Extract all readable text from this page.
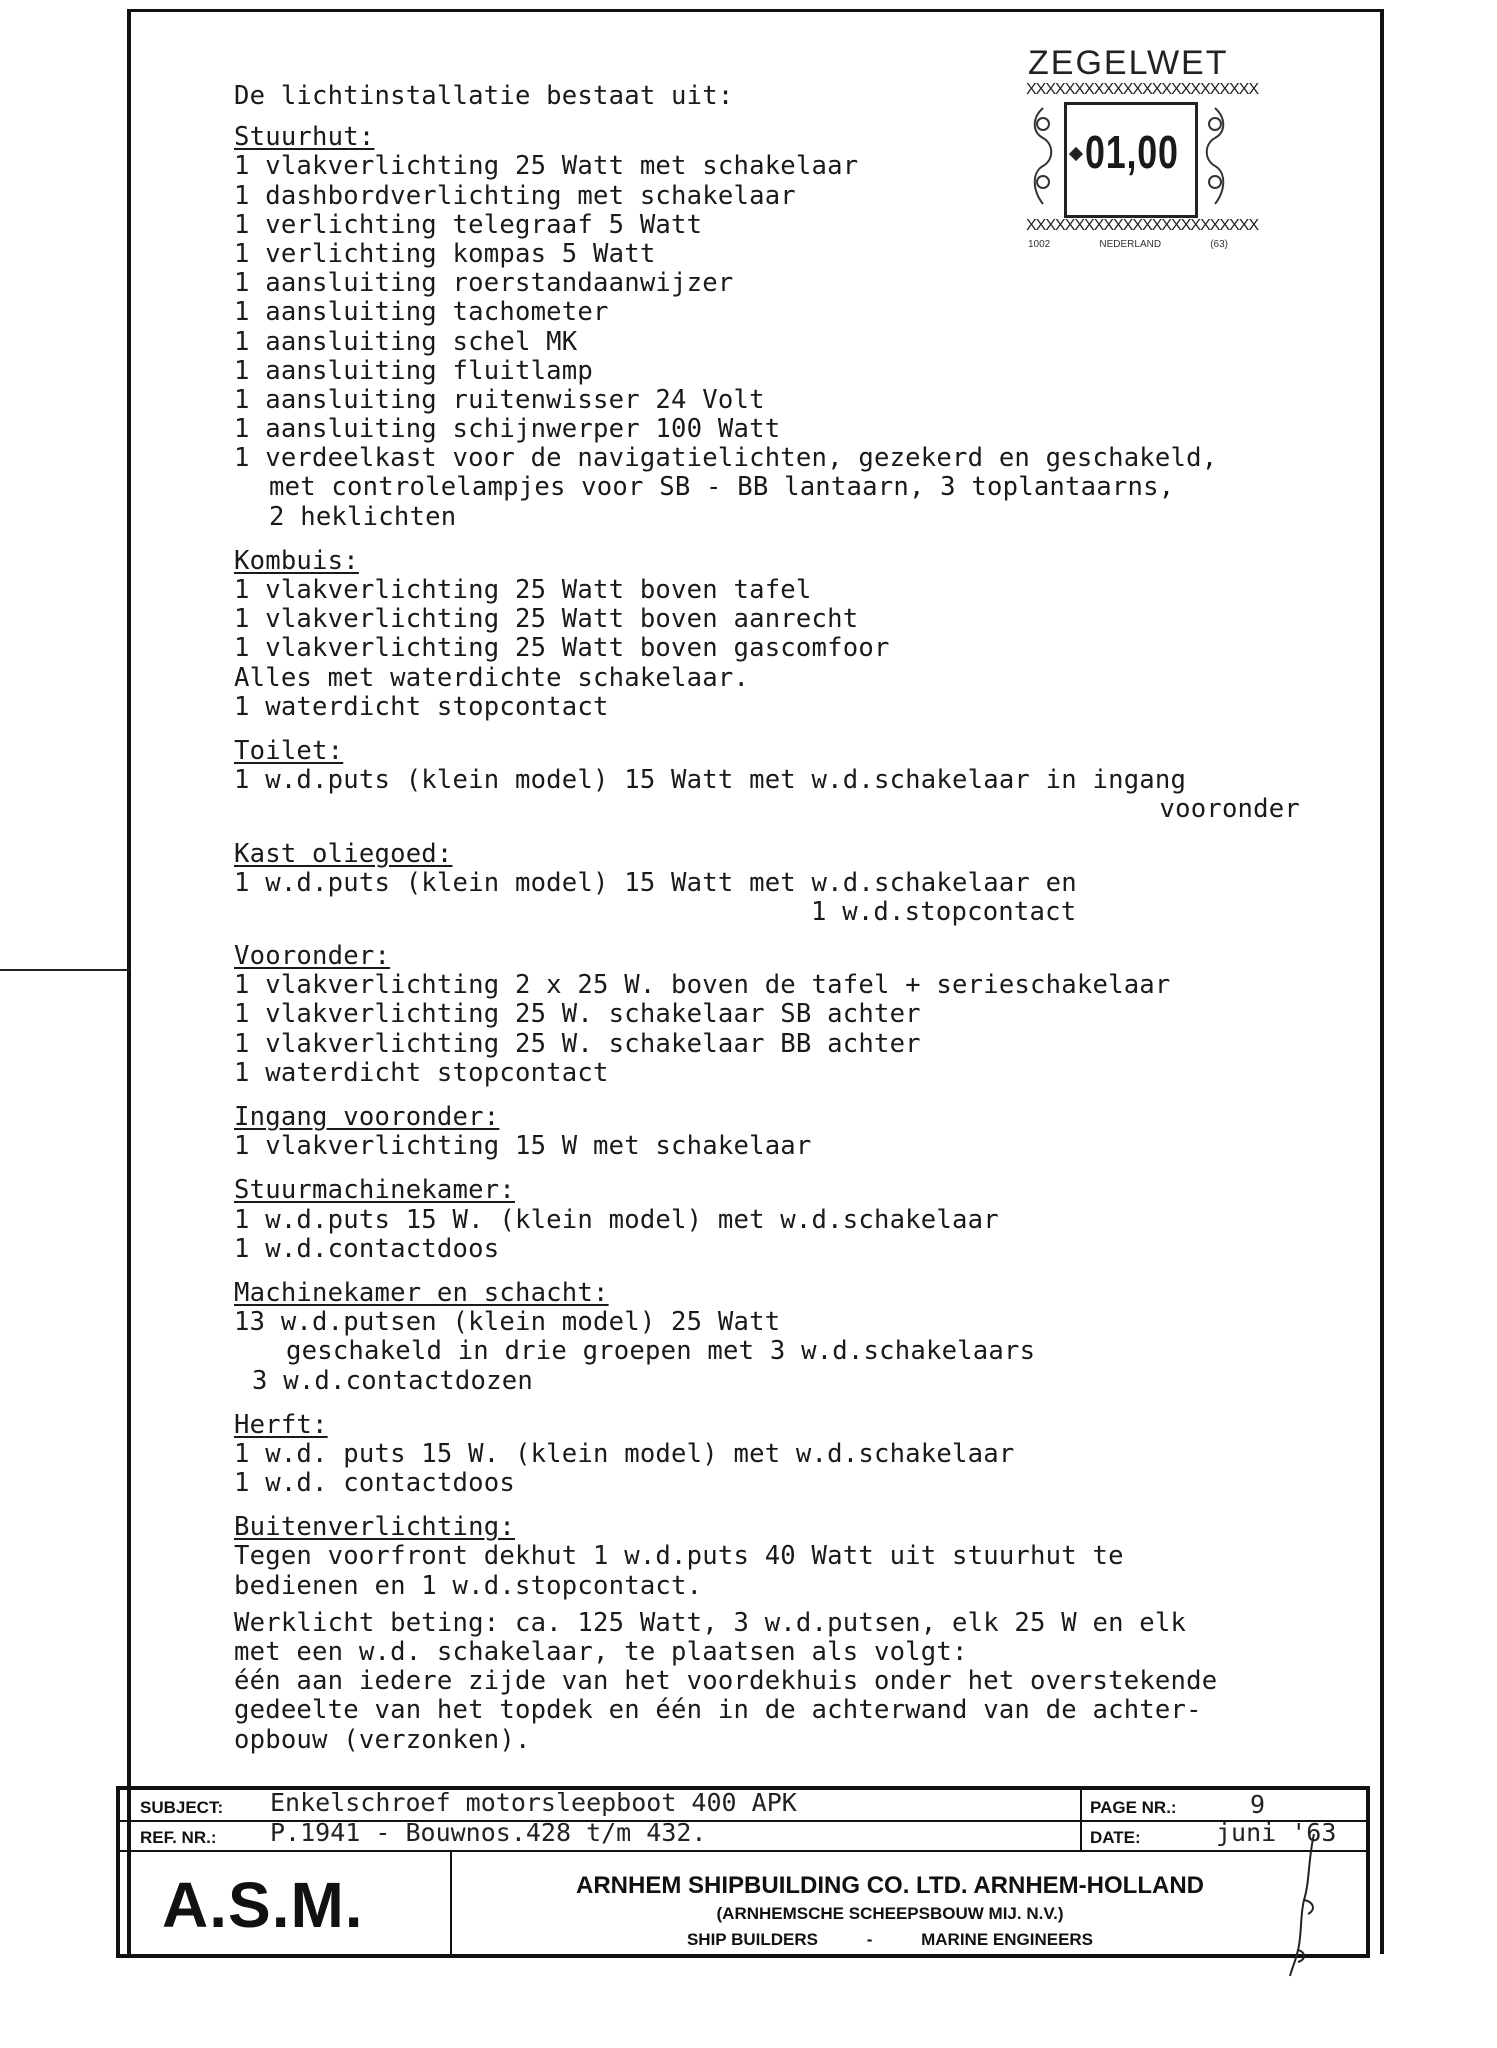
ZEGELWET
XXXXXXXXXXXXXXXXXXXXXXXX
01,00
XXXXXXXXXXXXXXXXXXXXXXXX
1002	NEDERLAND	(63)
De lichtinstallatie bestaat uit:
Stuurhut:
1 vlakverlichting 25 Watt met schakelaar
1 dashbordverlichting met schakelaar
1 verlichting telegraaf 5 Watt
1 verlichting kompas 5 Watt
1 aansluiting roerstandaanwijzer
1 aansluiting tachometer
1 aansluiting schel MK
1 aansluiting fluitlamp
1 aansluiting ruitenwisser 24 Volt
1 aansluiting schijnwerper 100 Watt
1 verdeelkast voor de navigatielichten, gezekerd en geschakeld,
met controlelampjes voor SB - BB lantaarn, 3 toplantaarns,
2 heklichten
Kombuis:
1 vlakverlichting 25 Watt boven tafel
1 vlakverlichting 25 Watt boven aanrecht
1 vlakverlichting 25 Watt boven gascomfoor
Alles met waterdichte schakelaar.
1 waterdicht stopcontact
Toilet:
1 w.d.puts (klein model) 15 Watt met w.d.schakelaar in ingang
vooronder
Kast oliegoed:
1 w.d.puts (klein model) 15 Watt met w.d.schakelaar en
1 w.d.stopcontact
Vooronder:
1 vlakverlichting 2 x 25 W. boven de tafel + serieschakelaar
1 vlakverlichting 25 W. schakelaar SB achter
1 vlakverlichting 25 W. schakelaar BB achter
1 waterdicht stopcontact
Ingang vooronder:
1 vlakverlichting 15 W met schakelaar
Stuurmachinekamer:
1 w.d.puts 15 W. (klein model) met w.d.schakelaar
1 w.d.contactdoos
Machinekamer en schacht:
13 w.d.putsen (klein model) 25 Watt
geschakeld in drie groepen met 3 w.d.schakelaars
3 w.d.contactdozen
Herft:
1 w.d. puts 15 W. (klein model) met w.d.schakelaar
1 w.d. contactdoos
Buitenverlichting:
Tegen voorfront dekhut 1 w.d.puts 40 Watt uit stuurhut te
bedienen en 1 w.d.stopcontact.
Werklicht beting: ca. 125 Watt, 3 w.d.putsen, elk 25 W en elk
met een w.d. schakelaar, te plaatsen als volgt:
één aan iedere zijde van het voordekhuis onder het overstekende
gedeelte van het topdek en één in de achterwand van de achter-
opbouw (verzonken).
SUBJECT: Enkelschroef motorsleepboot 400 APK
REF. NR.: P.1941 - Bouwnos.428 t/m 432.
PAGE NR.:	9
DATE:	juni '63
A.S.M.	ARNHEM SHIPBUILDING CO. LTD. ARNHEM-HOLLAND
(ARNHEMSCHE SCHEEPSBOUW MIJ. N.V.)
SHIP BUILDERS	-	MARINE ENGINEERS
